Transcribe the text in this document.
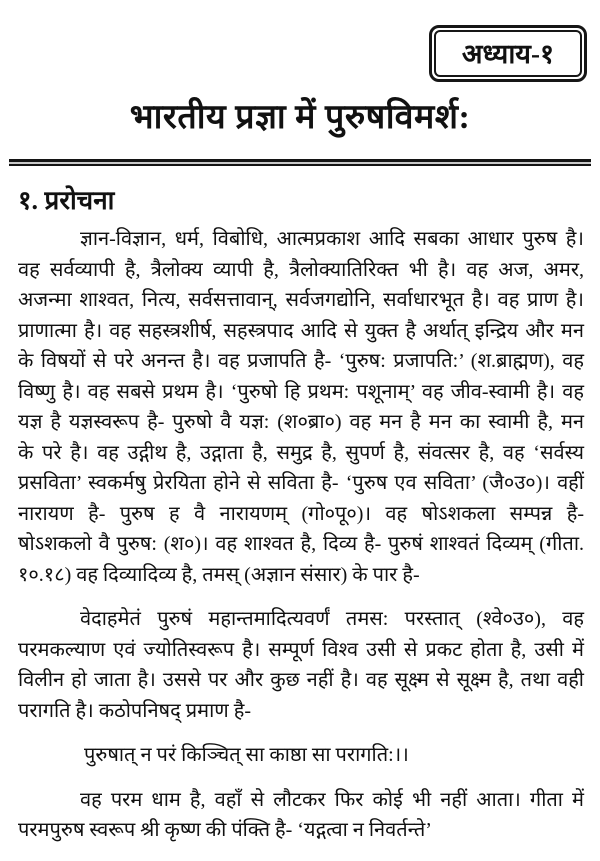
अध्याय-१
भारतीय प्रज्ञा में पुरुषविमर्श:
१. प्ररोचना
ज्ञान-विज्ञान, धर्म, विबोधि, आत्मप्रकाश आदि सबका आधार पुरुष है।
वह सर्वव्यापी है, त्रैलोक्य व्यापी है, त्रैलोक्यातिरिक्त भी है। वह अज, अमर,
अजन्मा शाश्वत, नित्य, सर्वसत्तावान्, सर्वजगद्योनि, सर्वाधारभूत है। वह प्राण है।
प्राणात्मा है। वह सहस्त्रशीर्ष, सहस्त्रपाद आदि से युक्त है अर्थात् इन्द्रिय और मन
के विषयों से परे अनन्त है। वह प्रजापति है- ‘पुरुष: प्रजापति:’ (श.ब्राह्मण), वह
विष्णु है। वह सबसे प्रथम है। ‘पुरुषो हि प्रथम: पशूनाम्’ वह जीव-स्वामी है। वह
यज्ञ है यज्ञस्वरूप है- पुरुषो वै यज्ञ: (श०ब्रा०) वह मन है मन का स्वामी है, मन
के परे है। वह उद्गीथ है, उद्गाता है, समुद्र है, सुपर्ण है, संवत्सर है, वह ‘सर्वस्य
प्रसविता’ स्वकर्मषु प्रेरयिता होने से सविता है- ‘पुरुष एव सविता’ (जै०उ०)। वहीं
नारायण है- पुरुष ह वै नारायणम् (गो०पू०)। वह षोऽशकला सम्पन्न है-
षोऽशकलो वै पुरुष: (श०)। वह शाश्वत है, दिव्य है- पुरुषं शाश्वतं दिव्यम् (गीता.
१०.१८) वह दिव्यादिव्य है, तमस् (अज्ञान संसार) के पार है-
वेदाहमेतं पुरुषं महान्तमादित्यवर्णं तमस: परस्तात् (श्वे०उ०), वह
परमकल्याण एवं ज्योतिस्वरूप है। सम्पूर्ण विश्व उसी से प्रकट होता है, उसी में
विलीन हो जाता है। उससे पर और कुछ नहीं है। वह सूक्ष्म से सूक्ष्म है, तथा वही
परागति है। कठोपनिषद् प्रमाण है-
पुरुषात् न परं किञ्चित् सा काष्ठा सा परागति:।।
वह परम धाम है, वहाँ से लौटकर फिर कोई भी नहीं आता। गीता में
परमपुरुष स्वरूप श्री कृष्ण की पंक्ति है- ‘यद्गत्वा न निवर्तन्ते’
